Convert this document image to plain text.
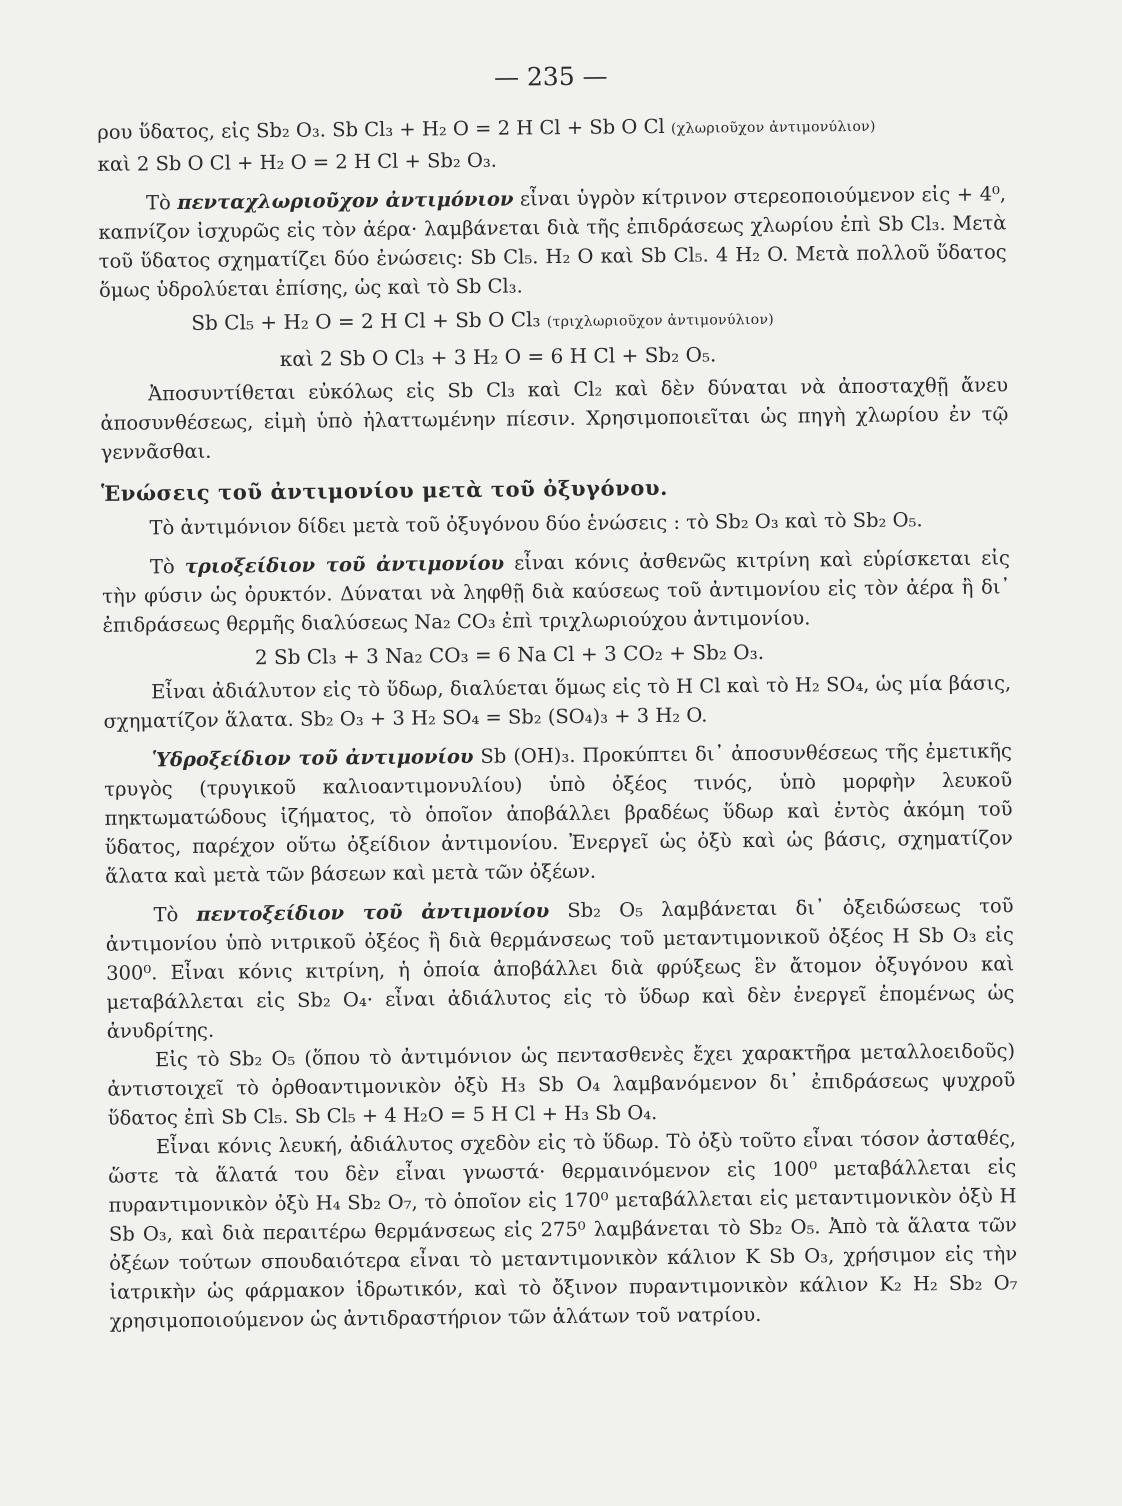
— 235 —

ρου ὕδατος, εἰς Sb₂ O₃. Sb Cl₃ + H₂ O = 2 H Cl + Sb O Cl (χλωριοῦχον ἀντιμονύλιον)

καὶ 2 Sb O Cl + H₂ O = 2 H Cl + Sb₂ O₃.

Τὸ πενταχλωριοῦχον ἀντιμόνιον εἶναι ὑγρὸν κίτρινον στερεοποιούμενον εἰς + 4⁰, καπνίζον ἰσχυρῶς εἰς τὸν ἀέρα· λαμβάνεται διὰ τῆς ἐπιδράσεως χλωρίου ἐπὶ Sb Cl₃. Μετὰ τοῦ ὕδατος σχηματίζει δύο ἐνώσεις: Sb Cl₅. H₂ O καὶ Sb Cl₅. 4 H₂ O. Μετὰ πολλοῦ ὕδατος ὅμως ὑδρολύεται ἐπίσης, ὡς καὶ τὸ Sb Cl₃.

Sb Cl₅ + H₂ O = 2 H Cl + Sb O Cl₃ (τριχλωριοῦχον ἀντιμονύλιον)
καὶ 2 Sb O Cl₃ + 3 H₂ O = 6 H Cl + Sb₂ O₅.

Ἀποσυντίθεται εὐκόλως εἰς Sb Cl₃ καὶ Cl₂ καὶ δὲν δύναται νὰ ἀποσταχθῇ ἄνευ ἀποσυνθέσεως, εἰμὴ ὑπὸ ἠλαττωμένην πίεσιν. Χρησιμοποιεῖται ὡς πηγὴ χλωρίου ἐν τῷ γεννᾶσθαι.

Ἑνώσεις τοῦ ἀντιμονίου μετὰ τοῦ ὀξυγόνου.

Τὸ ἀντιμόνιον δίδει μετὰ τοῦ ὀξυγόνου δύο ἑνώσεις : τὸ Sb₂ O₃ καὶ τὸ Sb₂ O₅.

Τὸ τριοξείδιον τοῦ ἀντιμονίου εἶναι κόνις ἀσθενῶς κιτρίνη καὶ εὑρίσκεται εἰς τὴν φύσιν ὡς ὀρυκτόν. Δύναται νὰ ληφθῇ διὰ καύσεως τοῦ ἀντιμονίου εἰς τὸν ἀέρα ἢ δι᾽ ἐπιδράσεως θερμῆς διαλύσεως Na₂ CO₃ ἐπὶ τριχλωριούχου ἀντιμονίου.

2 Sb Cl₃ + 3 Na₂ CO₃ = 6 Na Cl + 3 CO₂ + Sb₂ O₃.

Εἶναι ἀδιάλυτον εἰς τὸ ὕδωρ, διαλύεται ὅμως εἰς τὸ H Cl καὶ τὸ H₂ SO₄, ὡς μία βάσις, σχηματίζον ἅλατα. Sb₂ O₃ + 3 H₂ SO₄ = Sb₂ (SO₄)₃ + 3 H₂ O.

Ὑδροξείδιον τοῦ ἀντιμονίου Sb (OH)₃. Προκύπτει δι᾽ ἀποσυνθέσεως τῆς ἐμετικῆς τρυγὸς (τρυγικοῦ καλιοαντιμονυλίου) ὑπὸ ὀξέος τινός, ὑπὸ μορφὴν λευκοῦ πηκτωματώδους ἱζήματος, τὸ ὁποῖον ἀποβάλλει βραδέως ὕδωρ καὶ ἐντὸς ἀκόμη τοῦ ὕδατος, παρέχον οὕτω ὀξείδιον ἀντιμονίου. Ἐνεργεῖ ὡς ὀξὺ καὶ ὡς βάσις, σχηματίζον ἅλατα καὶ μετὰ τῶν βάσεων καὶ μετὰ τῶν ὀξέων.

Τὸ πεντοξείδιον τοῦ ἀντιμονίου Sb₂ O₅ λαμβάνεται δι᾽ ὀξειδώσεως τοῦ ἀντιμονίου ὑπὸ νιτρικοῦ ὀξέος ἢ διὰ θερμάνσεως τοῦ μεταντιμονικοῦ ὀξέος H Sb O₃ εἰς 300⁰. Εἶναι κόνις κιτρίνη, ἡ ὁποία ἀποβάλλει διὰ φρύξεως ἓν ἄτομον ὀξυγόνου καὶ μεταβάλλεται εἰς Sb₂ O₄· εἶναι ἀδιάλυτος εἰς τὸ ὕδωρ καὶ δὲν ἐνεργεῖ ἑπομένως ὡς ἀνυδρίτης.

Εἰς τὸ Sb₂ O₅ (ὅπου τὸ ἀντιμόνιον ὡς πεντασθενὲς ἔχει χαρακτῆρα μεταλλοειδοῦς) ἀντιστοιχεῖ τὸ ὀρθοαντιμονικὸν ὀξὺ H₃ Sb O₄ λαμβανόμενον δι᾽ ἐπιδράσεως ψυχροῦ ὕδατος ἐπὶ Sb Cl₅. Sb Cl₅ + 4 H₂O = 5 H Cl + H₃ Sb O₄.

Εἶναι κόνις λευκή, ἀδιάλυτος σχεδὸν εἰς τὸ ὕδωρ. Τὸ ὀξὺ τοῦτο εἶναι τόσον ἀσταθές, ὥστε τὰ ἅλατά του δὲν εἶναι γνωστά· θερμαινόμενον εἰς 100⁰ μεταβάλλεται εἰς πυραντιμονικὸν ὀξὺ H₄ Sb₂ O₇, τὸ ὁποῖον εἰς 170⁰ μεταβάλλεται εἰς μεταντιμονικὸν ὀξὺ H Sb O₃, καὶ διὰ περαιτέρω θερμάνσεως εἰς 275⁰ λαμβάνεται τὸ Sb₂ O₅. Ἀπὸ τὰ ἅλατα τῶν ὀξέων τούτων σπουδαιότερα εἶναι τὸ μεταντιμονικὸν κάλιον K Sb O₃, χρήσιμον εἰς τὴν ἰατρικὴν ὡς φάρμακον ἱδρωτικόν, καὶ τὸ ὄξινον πυραντιμονικὸν κάλιον K₂ H₂ Sb₂ O₇ χρησιμοποιούμενον ὡς ἀντιδραστήριον τῶν ἁλάτων τοῦ νατρίου.
